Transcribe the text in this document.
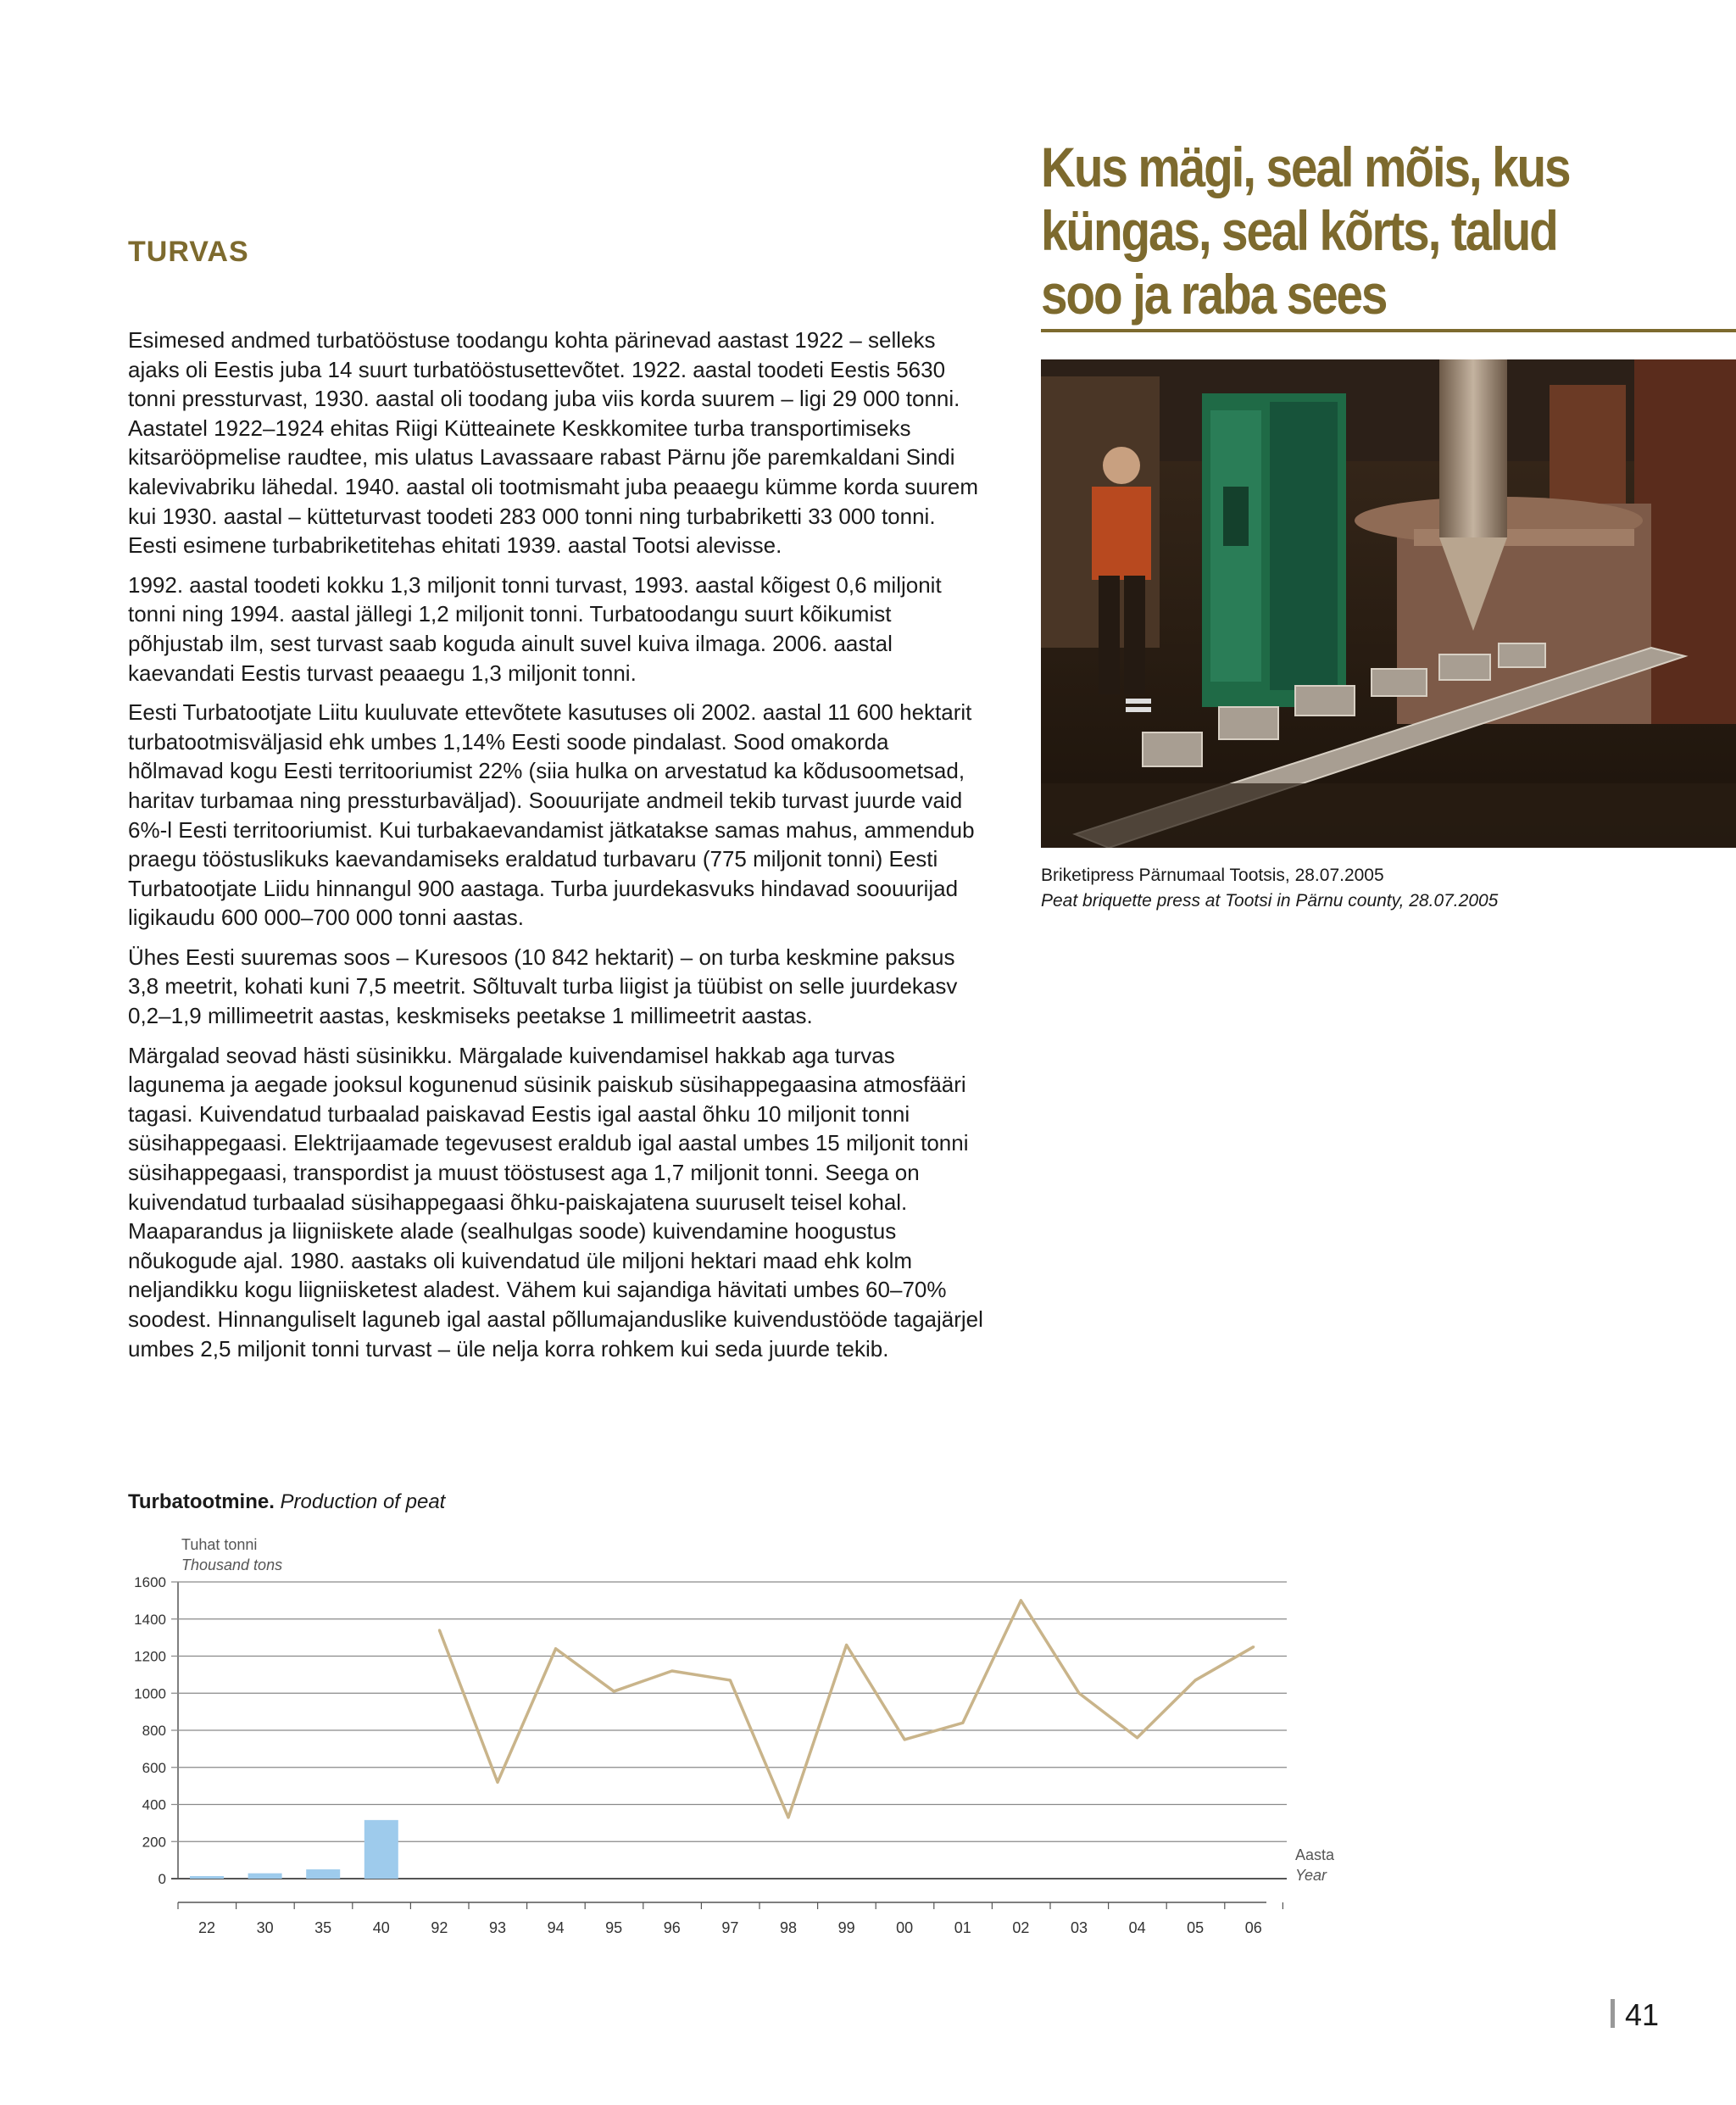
TURVAS

Esimesed andmed turbatööstuse toodangu kohta pärinevad aastast 1922 – selleks ajaks oli Eestis juba 14 suurt turbatööstusettevõtet. 1922. aastal toodeti Eestis 5630 tonni pressturvast, 1930. aastal oli toodang juba viis korda suurem – ligi 29 000 tonni. Aastatel 1922–1924 ehitas Riigi Kütteainete Keskkomitee turba transportimiseks kitsarööpmelise raudtee, mis ulatus Lavassaare rabast Pärnu jõe paremkaldani Sindi kalevivabriku lähedal. 1940. aastal oli tootmismaht juba peaaegu kümme korda suurem kui 1930. aastal – kütteturvast toodeti 283 000 tonni ning turbabriketti 33 000 tonni. Eesti esimene turbabriketitehas ehitati 1939. aastal Tootsi alevisse.

1992. aastal toodeti kokku 1,3 miljonit tonni turvast, 1993. aastal kõigest 0,6 miljonit tonni ning 1994. aastal jällegi 1,2 miljonit tonni. Turbatoodangu suurt kõikumist põhjustab ilm, sest turvast saab koguda ainult suvel kuiva ilmaga. 2006. aastal kaevandati Eestis turvast peaaegu 1,3 miljonit tonni.

Eesti Turbatootjate Liitu kuuluvate ettevõtete kasutuses oli 2002. aastal 11 600 hektarit turbatootmisväljasid ehk umbes 1,14% Eesti soode pindalast. Sood omakorda hõlmavad kogu Eesti territooriumist 22% (siia hulka on arvestatud ka kõdusoometsad, haritav turbamaa ning pressturbaväljad). Soouurijate andmeil tekib turvast juurde vaid 6%-l Eesti territooriumist. Kui turbakaevandamist jätkatakse samas mahus, ammendub praegu tööstuslikuks kaevandamiseks eraldatud turbavaru (775 miljonit tonni) Eesti Turbatootjate Liidu hinnangul 900 aastaga. Turba juurdekasvuks hindavad soouurijad ligikaudu 600 000–700 000 tonni aastas.

Ühes Eesti suuremas soos – Kuresoos (10 842 hektarit) – on turba keskmine paksus 3,8 meetrit, kohati kuni 7,5 meetrit. Sõltuvalt turba liigist ja tüübist on selle juurdekasv 0,2–1,9 millimeetrit aastas, keskmiseks peetakse 1 millimeetrit aastas.

Märgalad seovad hästi süsinikku. Märgalade kuivendamisel hakkab aga turvas lagunema ja aegade jooksul kogunenud süsinik paiskub süsihappegaasina atmosfääri tagasi. Kuivendatud turbaalad paiskavad Eestis igal aastal õhku 10 miljonit tonni süsihappegaasi. Elektrijaamade tegevusest eraldub igal aastal umbes 15 miljonit tonni süsihappegaasi, transpordist ja muust tööstusest aga 1,7 miljonit tonni. Seega on kuivendatud turbaalad süsihappegaasi õhku-paiskajatena suuruselt teisel kohal. Maaparandus ja liigniiskete alade (sealhulgas soode) kuivendamine hoogustus nõukogude ajal. 1980. aastaks oli kuivendatud üle miljoni hektari maad ehk kolm neljandikku kogu liigniisketest aladest. Vähem kui sajandiga hävitati umbes 60–70% soodest. Hinnanguliselt laguneb igal aastal põllumajanduslike kuivendustööde tagajärjel umbes 2,5 miljonit tonni turvast – üle nelja korra rohkem kui seda juurde tekib.

Kus mägi, seal mõis, kus küngas, seal kõrts, talud soo ja raba sees
Briketipress Pärnumaal Tootsis, 28.07.2005
Peat briquette press at Tootsi in Pärnu county, 28.07.2005
Turbatootmine. Production of peat
0
200
400
600
800
1000
1200
1400
1600
22	30	35	40	92	93	94	95	96	97	98	99	00	01	02	03	04	05	06
Tuhat tonni
Thousand tons
Aasta
Year
41
